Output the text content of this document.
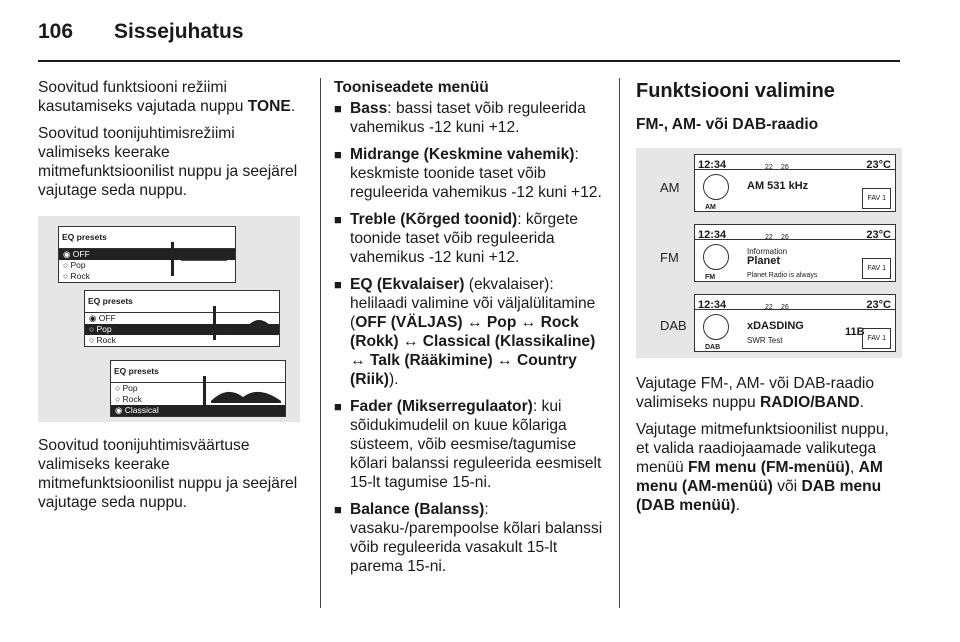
106 Sissejuhatus

Soovitud funktsiooni režiimi kasutamiseks vajutada nuppu TONE.

Soovitud toonijuhtimisrežiimi valimiseks keerake mitmefunktsioonilist nuppu ja seejärel vajutage seda nuppu.

EQ presets
◉ OFF
○ Pop
○ Rock
EQ presets
◉ OFF
○ Pop
○ Rock
EQ presets
○ Pop
○ Rock
◉ Classical

Soovitud toonijuhtimisväärtuse valimiseks keerake mitmefunktsioonilist nuppu ja seejärel vajutage seda nuppu.

Tooniseadete menüü
■ Bass: bassi taset võib reguleerida vahemikus -12 kuni +12.
■ Midrange (Keskmine vahemik): keskmiste toonide taset võib reguleerida vahemikus -12 kuni +12.
■ Treble (Kõrged toonid): kõrgete toonide taset võib reguleerida vahemikus -12 kuni +12.
■ EQ (Ekvalaiser) (ekvalaiser): helilaadi valimine või väljalülitamine (OFF (VÄLJAS) ↔ Pop ↔ Rock (Rokk) ↔ Classical (Klassikaline) ↔ Talk (Rääkimine) ↔ Country (Riik)).
■ Fader (Mikserregulaator): kui sõidukimudelil on kuue kõlariga süsteem, võib eesmise/tagumise kõlari balanssi reguleerida eesmiselt 15-lt tagumise 15-ni.
■ Balance (Balanss): vasaku-/parempoolse kõlari balanssi võib reguleerida vasakult 15-lt parema 15-ni.
Funktsiooni valimine
FM-, AM- või DAB-raadio
AM
12:34	22 26	23°C
AM
AM 531 kHz
FAV 1
FM
12:34	22 26	23°C
FM
Information
Planet
Planet Radio is always
FAV 1
DAB
12:34	22 26	23°C
DAB
xDASDING
SWR Test
11B
FAV 1

Vajutage FM-, AM- või DAB-raadio valimiseks nuppu RADIO/BAND.

Vajutage mitmefunktsioonilist nuppu, et valida raadiojaamade valikutega menüü FM menu (FM-menüü), AM menu (AM-menüü) või DAB menu (DAB menüü).
